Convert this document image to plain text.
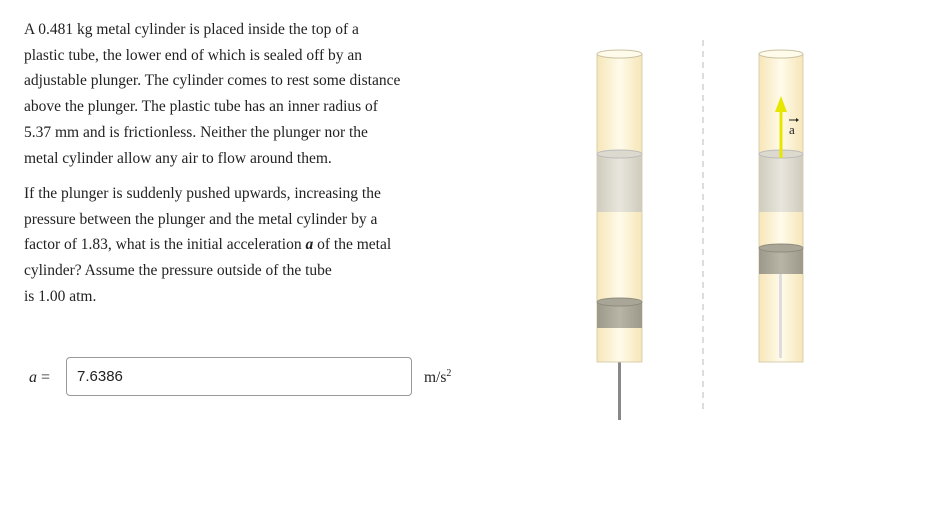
A 0.481 kg metal cylinder is placed inside the top of a
plastic tube, the lower end of which is sealed off by an
adjustable plunger. The cylinder comes to rest some distance
above the plunger. The plastic tube has an inner radius of
5.37 mm and is frictionless. Neither the plunger nor the
metal cylinder allow any air to flow around them.
If the plunger is suddenly pushed upwards, increasing the
pressure between the plunger and the metal cylinder by a
factor of 1.83, what is the initial acceleration a of the metal
cylinder? Assume the pressure outside of the tube
is 1.00 atm.
a =
7.6386	$m/s^2$
a
